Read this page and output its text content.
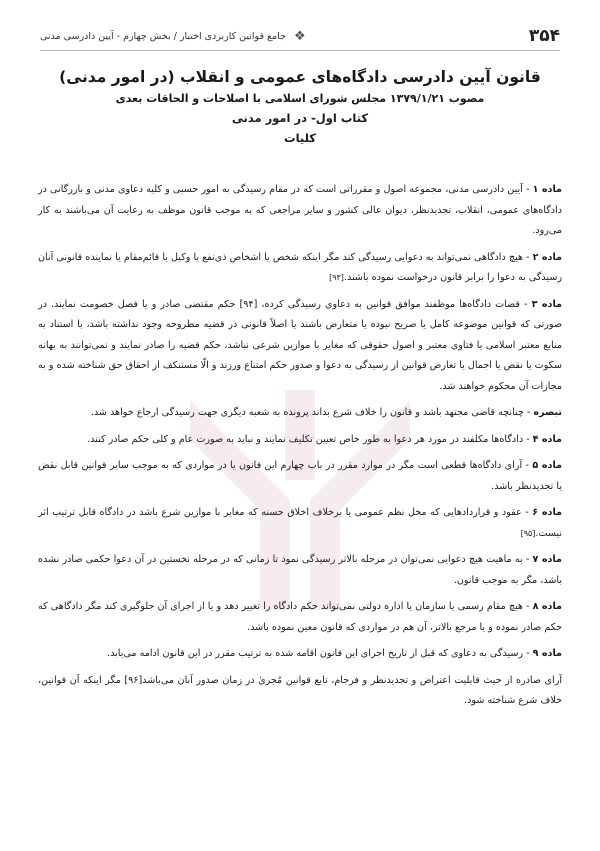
۳۵۴
❖
جامع قوانین کاربردی اختبار / بخش چهارم - آیین دادرسی مدنی
قانون آیین دادرسی دادگاه‌های عمومی و انقلاب (در امور مدنی)
مصوب ۱۳۷۹/۱/۲۱ مجلس شورای اسلامی با اصلاحات و الحاقات بعدی
کتاب اول- در امور مدنی
کلیات

ماده ۱ - آیین دادرسی مدنی، مجموعه اصول و مقرراتی است که در مقام رسیدگی به امور حسبی و کلیه دعاوی مدنی و بازرگانی در دادگاه‌های عمومی، انقلاب، تجدیدنظر، دیوان عالی کشور و سایر مراجعی که به موجب قانون موظف به رعایت آن می‌باشند به کار می‌رود.

ماده ۲ - هیچ دادگاهی نمی‌تواند به دعوایی رسیدگی کند مگر اینکه شخص یا اشخاص ذی‌نفع یا وکیل یا قائم‌مقام یا نماینده قانونی آنان رسیدگی به دعوا را برابر قانون درخواست نموده باشند.[۹۳]

ماده ۳ - قضات دادگاه‌ها موظفند موافق قوانین به دعاوی رسیدگی کرده، [۹۴] حکم مقتضی صادر و یا فصل خصومت نمایند. در صورتی که قوانین موضوعه کامل یا صریح نبوده یا متعارض باشند یا اصلاً قانونی در قضیه مطروحه وجود نداشته باشد، با استناد به منابع معتبر اسلامی یا فتاوی معتبر و اصول حقوقی که مغایر با موازین شرعی نباشد، حکم قضیه را صادر نمایند و نمی‌توانند به بهانه سکوت یا نقص یا اجمال یا تعارض قوانین از رسیدگی به دعوا و صدور حکم امتناع ورزند و الّا مستنکف از احقاق حق شناخته شده و به مجازات آن محکوم خواهند شد.

تبصره - چنانچه قاضی مجتهد باشد و قانون را خلاف شرع بداند پرونده به شعبه دیگری جهت رسیدگی ارجاع خواهد شد.

ماده ۴ - دادگاه‌ها مکلفند در مورد هر دعوا به طور خاص تعیین تکلیف نمایند و نباید به صورت عام و کلی حکم صادر کنند.

ماده ۵ - آرای دادگاه‌ها قطعی است مگر در موارد مقرر در باب چهارم این قانون یا در مواردی که به موجب سایر قوانین قابل نقض یا تجدیدنظر باشد.

ماده ۶ - عقود و قراردادهایی که مخل نظم عمومی یا برخلاف اخلاق حسنه که مغایر با موازین شرع باشد در دادگاه قابل ترتیب اثر نیست.[۹۵]

ماده ۷ - به ماهیت هیچ دعوایی نمی‌توان در مرحله بالاتر رسیدگی نمود تا زمانی که در مرحله نخستین در آن دعوا حکمی صادر نشده باشد، مگر به موجب قانون.

ماده ۸ - هیچ مقام رسمی یا سازمان یا اداره دولتی نمی‌تواند حکم دادگاه را تغییر دهد و یا از اجرای آن جلوگیری کند مگر دادگاهی که حکم صادر نموده و یا مرجع بالاتر، آن هم در مواردی که قانون معین نموده باشد.

ماده ۹ - رسیدگی به دعاوی که قبل از تاریخ اجرای این قانون اقامه شده به ترتیب مقرر در این قانون ادامه می‌یابد.

آرای صادره از حیث قابلیت اعتراض و تجدیدنظر و فرجام، تابع قوانین مُجریٰ در زمان صدور آنان می‌باشد[۹۶] مگر اینکه آن قوانین، خلاف شرع شناخته شود.
